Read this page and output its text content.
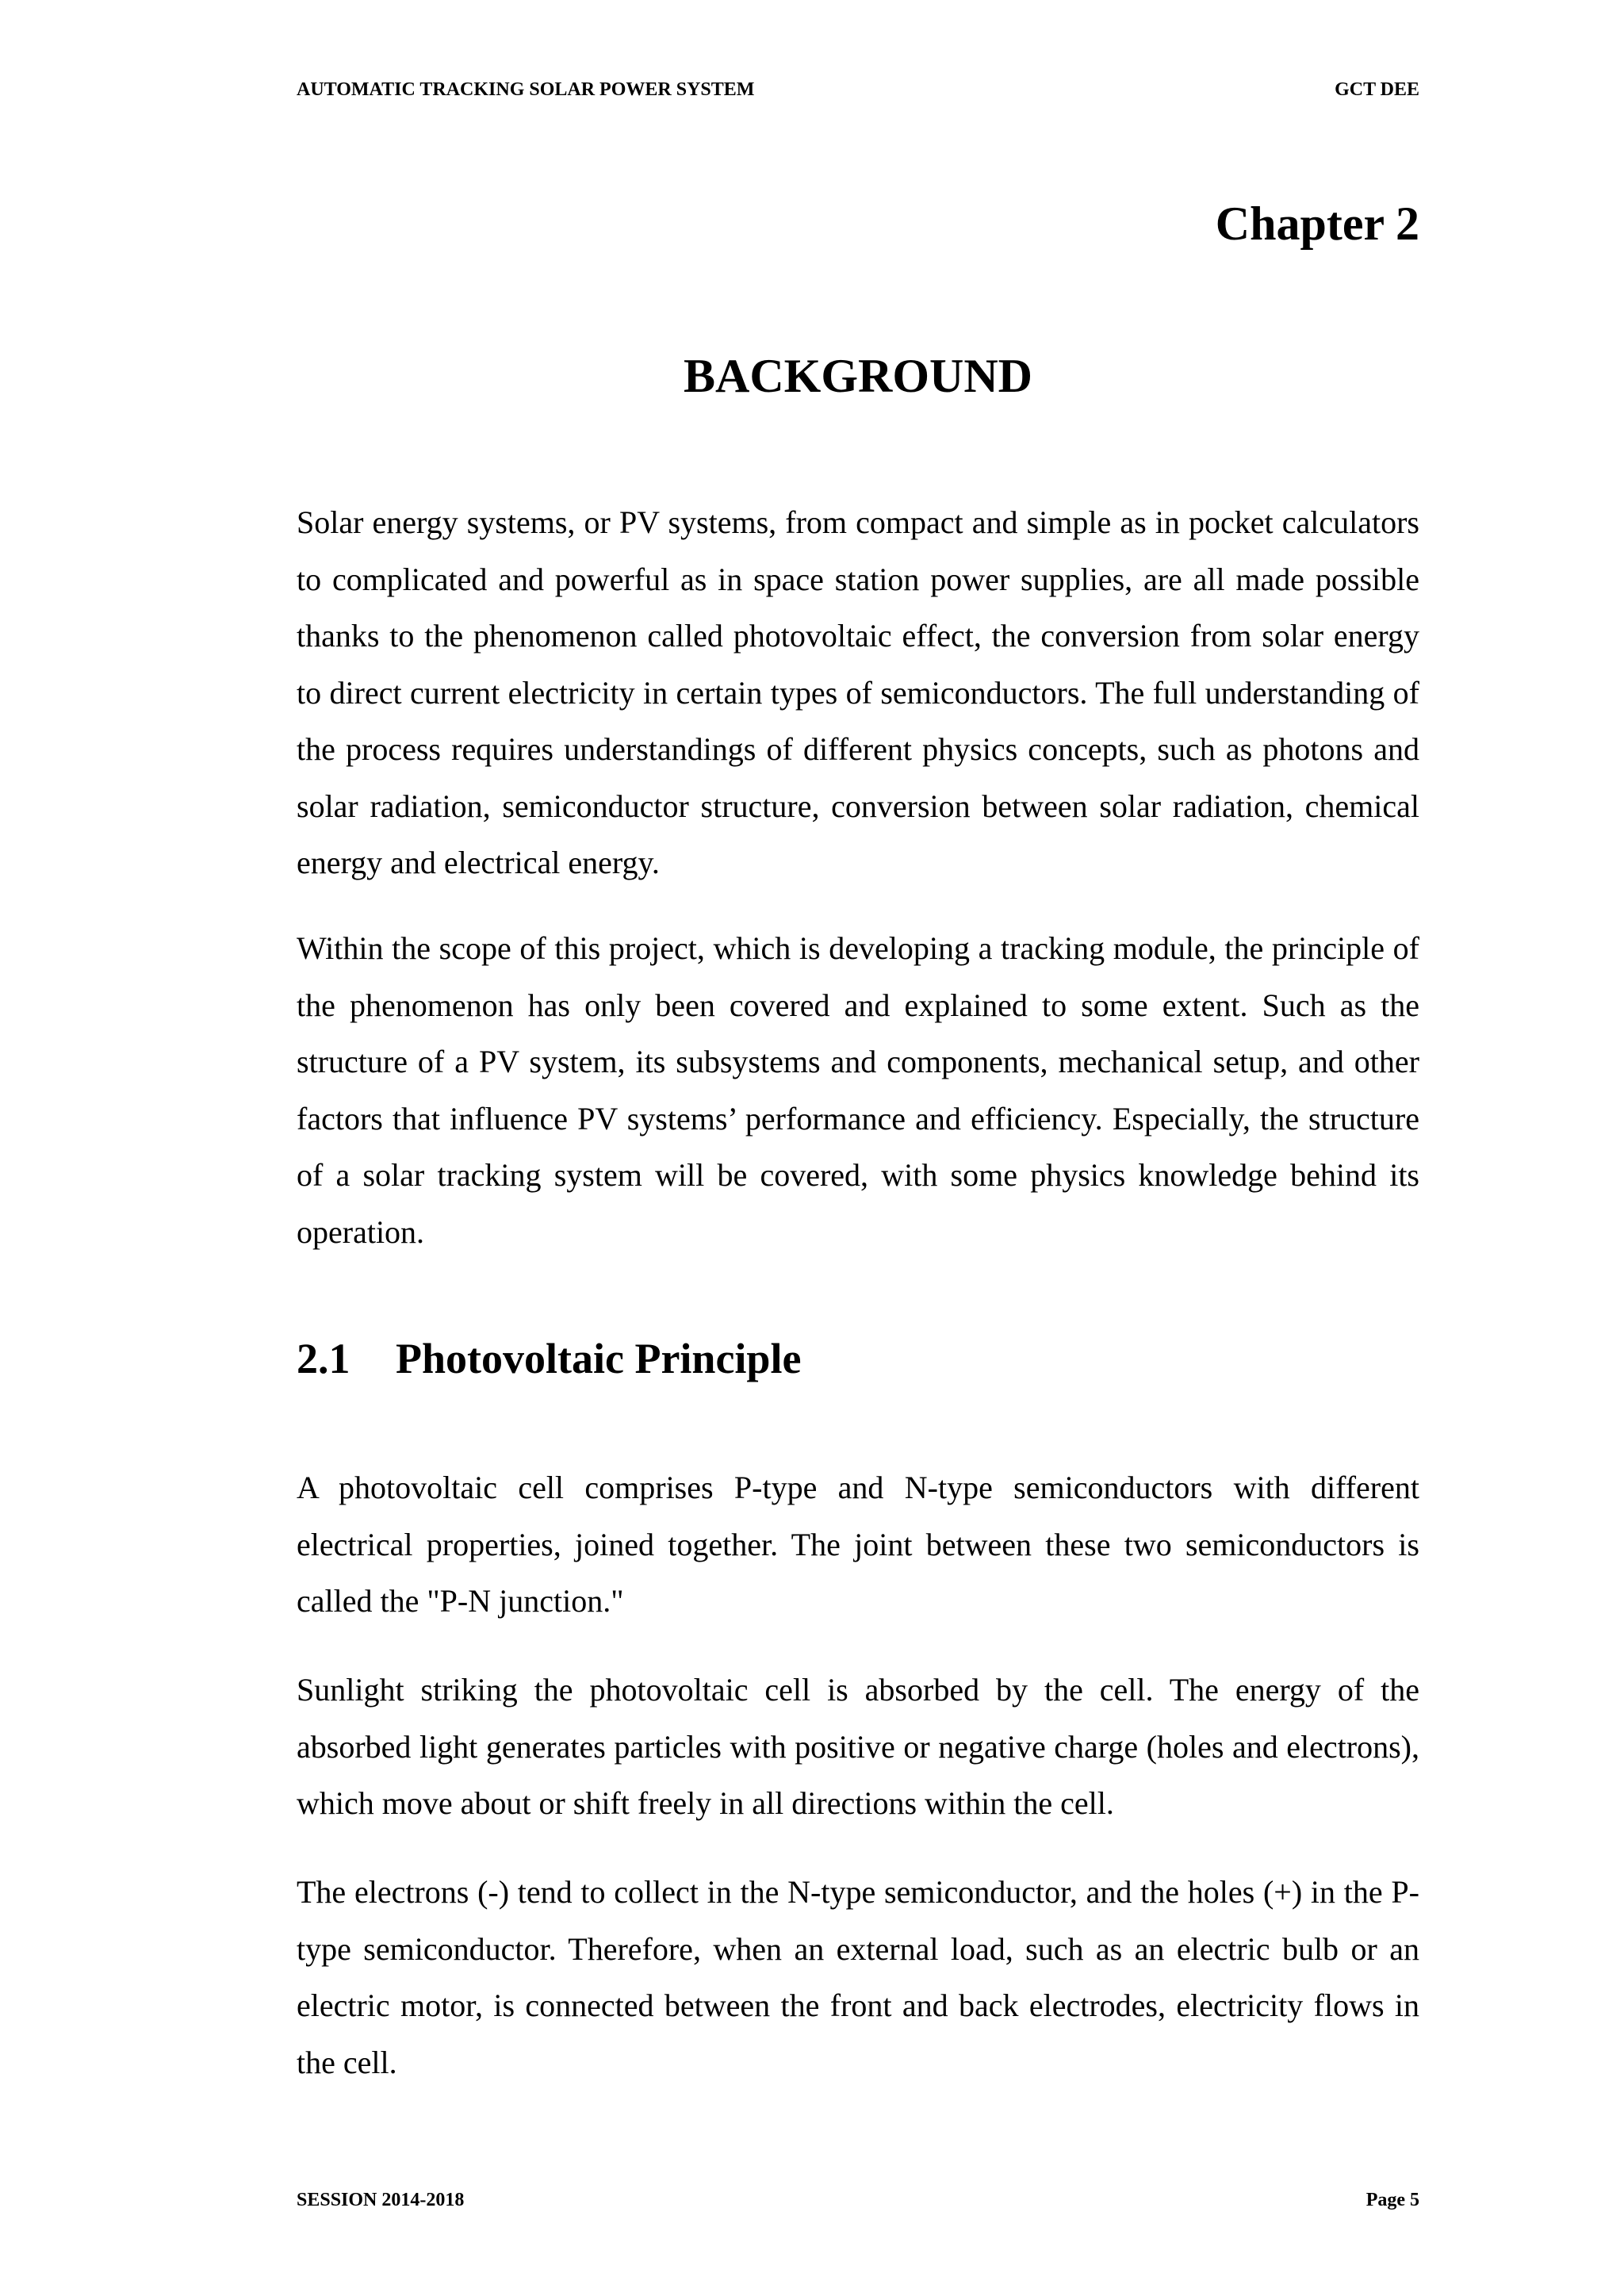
AUTOMATIC TRACKING SOLAR POWER SYSTEM	GCT DEE
Chapter 2
BACKGROUND

Solar energy systems, or PV systems, from compact and simple as in pocket calculators to complicated and powerful as in space station power supplies, are all made possible thanks to the phenomenon called photovoltaic effect, the conversion from solar energy to direct current electricity in certain types of semiconductors. The full understanding of the process requires understandings of different physics concepts, such as photons and solar radiation, semiconductor structure, conversion between solar radiation, chemical energy and electrical energy.

Within the scope of this project, which is developing a tracking module, the principle of the phenomenon has only been covered and explained to some extent. Such as the structure of a PV system, its subsystems and components, mechanical setup, and other factors that influence PV systems’ performance and efficiency. Especially, the structure of a solar tracking system will be covered, with some physics knowledge behind its operation.

2.1	Photovoltaic Principle

A photovoltaic cell comprises P-type and N-type semiconductors with different electrical properties, joined together. The joint between these two semiconductors is called the "P-N junction."

Sunlight striking the photovoltaic cell is absorbed by the cell. The energy of the absorbed light generates particles with positive or negative charge (holes and electrons), which move about or shift freely in all directions within the cell.

The electrons (-) tend to collect in the N-type semiconductor, and the holes (+) in the P-type semiconductor. Therefore, when an external load, such as an electric bulb or an electric motor, is connected between the front and back electrodes, electricity flows in the cell.

SESSION 2014-2018	Page 5
